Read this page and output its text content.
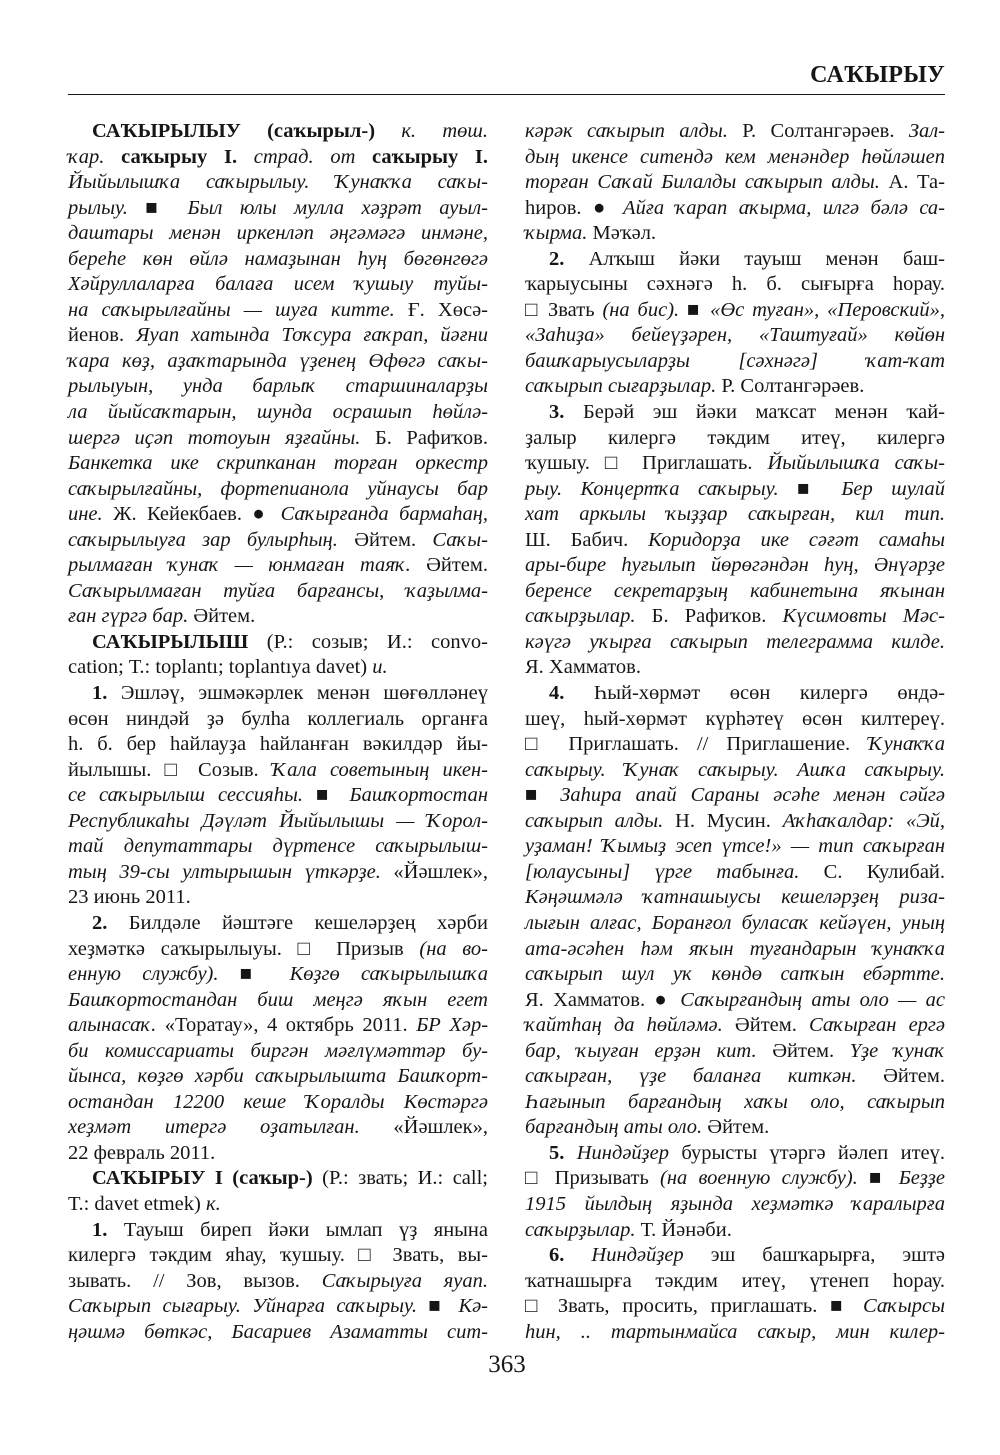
САҠЫРЫУ
САҠЫРЫЛЫУ (саҡырыл-) к. төш.
ҡар. саҡырыу I. страд. от саҡырыу I.
Йыйылышҡа саҡырылыу. Ҡунаҡҡа саҡы-
рылыу. ■ Был юлы мулла хәҙрәт ауыл-
даштары менән иркенләп әңгәмәгә инмәне,
береһе көн өйлә намаҙынан һуң бөгөнгөгә
Хәйруллаларға балаға исем ҡушыу туйы-
на саҡырылғайны — шуға китте. Ғ. Хөсә-
йенов. Яуап хатында Тоҡсура ғаҡрап, йәғни
ҡара көҙ, аҙаҡтарында үҙенең Өфөгә саҡы-
рылыуын, унда барлыҡ старшиналарҙы
ла йыйсаҡтарын, шунда осрашып һөйлә-
шергә иҫәп тотоуын яҙғайны. Б. Рафиҡов.
Банкетка ике скрипканан торған оркестр
саҡырылғайны, фортепианола уйнаусы бар
ине. Ж. Кейекбаев. ● Саҡырғанда бармаһаң,
саҡырылыуға зар булырһың. Әйтем. Саҡы-
рылмаған ҡунаҡ — юнмаған таяҡ. Әйтем.
Саҡырылмаған туйға барғансы, ҡаҙылма-
ған гүргә бар. Әйтем.
САҠЫРЫЛЫШ (Р.: созыв; И.: convo-
cation; Т.: toplantı; toplantıya davet) и.
1. Эшләү, эшмәкәрлек менән шөғөлләнеү
өсөн ниндәй ҙә булһа коллегиаль органға
һ. б. бер һайлауҙа һайланған вәкилдәр йы-
йылышы. □ Созыв. Ҡала советының икен-
се саҡырылыш сессияһы. ■ Башҡортостан
Республикаһы Дәүләт Йыйылышы — Ҡорол-
тай депутаттары дүртенсе саҡырылыш-
тың 39-сы ултырышын үткәрҙе. «Йәшлек»,
23 июнь 2011.
2. Билдәле йәштәге кешеләрҙең хәрби
хеҙмәткә саҡырылыуы. □ Призыв (на во-
енную службу). ■ Көҙгө саҡырылышҡа
Башҡортостандан биш меңгә яҡын егет
алынасаҡ. «Торатау», 4 октябрь 2011. БР Хәр-
би комиссариаты биргән мәғлүмәттәр бу-
йынса, көҙгө хәрби саҡырылышта Башҡорт-
остандан 12200 кеше Ҡоралды Көстәргә
хеҙмәт итергә оҙатылған. «Йәшлек»,
22 февраль 2011.
САҠЫРЫУ I (саҡыр-) (Р.: звать; И.: call;
Т.: davet etmek) к.
1. Тауыш биреп йәки ымлап үҙ янына
килергә тәкдим яһау, ҡушыу. □ Звать, вы-
зывать. // Зов, вызов. Саҡырыуға яуап.
Саҡырып сығарыу. Уйнарға саҡырыу. ■ Кә-
ңәшмә бөткәс, Басариев Азаматты сит-
кәрәк саҡырып алды. Р. Солтангәрәев. Зал-
дың икенсе ситендә кем менәндер һөйләшеп
торған Саҡай Билалды саҡырып алды. А. Та-
һиров. ● Айға ҡарап аҡырма, илгә бәлә са-
ҡырма. Мәҡәл.
2. Алҡыш йәки тауыш менән баш-
ҡарыусыны сәхнәгә һ. б. сығырға һорау.
□ Звать (на бис). ■ «Өс туған», «Перовский»,
«Заһиҙа» бейеүҙәрен, «Таштуғай» көйөн
башҡарыусыларҙы [сәхнәгә] ҡат-ҡат
саҡырып сығарҙылар. Р. Солтангәрәев.
3. Берәй эш йәки маҡсат менән ҡай-
ҙалыр килергә тәкдим итеү, килергә
ҡушыу. □ Приглашать. Йыйылышҡа саҡы-
рыу. Концертҡа саҡырыу. ■ Бер шулай
хат аркылы ҡыҙҙар саҡырған, кил тип.
Ш. Бабич. Коридорҙа ике сәғәт самаһы
ары-бире һуғылып йөрөгәндән һуң, Әнүәрҙе
беренсе секретарҙың кабинетына яҡынан
саҡырҙылар. Б. Рафиҡов. Күсимовты Мәс-
кәүгә уҡырға саҡырып телеграмма килде.
Я. Хамматов.
4. Һый-хөрмәт өсөн килергә өндә-
шеү, һый-хөрмәт күрһәтеү өсөн килтереү.
□ Приглашать. // Приглашение. Ҡунаҡҡа
саҡырыу. Ҡунаҡ саҡырыу. Ашҡа саҡырыу.
■ Заһира апай Сараны әсәһе менән сәйгә
саҡырып алды. Н. Мусин. Аҡһаҡалдар: «Эй,
уҙаман! Ҡымыҙ эсеп үтсе!» — тип саҡырған
[юлаусыны] үрге табынға. С. Кулибай.
Кәңәшмәлә ҡатнашыусы кешеләрҙең риза-
лығын алғас, Боранғол буласаҡ кейәүен, уның
ата-әсәһен һәм яҡын туғандарын ҡунаҡҡа
саҡырып шул уҡ көндө сапҡын ебәртте.
Я. Хамматов. ● Саҡырғандың аты оло — ас
ҡайтһаң да һөйләмә. Әйтем. Саҡырған ергә
бар, ҡыуған ерҙән кит. Әйтем. Үҙе ҡунаҡ
саҡырған, үҙе баланға киткән. Әйтем.
Һағынып барғандың хаҡы оло, саҡырып
барғандың аты оло. Әйтем.
5. Ниндәйҙер бурысты үтәргә йәлеп итеү.
□ Призывать (на военную службу). ■ Беҙҙе
1915 йылдың яҙында хеҙмәткә ҡаралырға
саҡырҙылар. Т. Йәнәби.
6. Ниндәйҙер эш башҡарырға, эштә
ҡатнашырға тәкдим итеү, үтенеп һорау.
□ Звать, просить, приглашать. ■ Саҡырсы
һин, .. тартынмайса саҡыр, мин килер-
363
